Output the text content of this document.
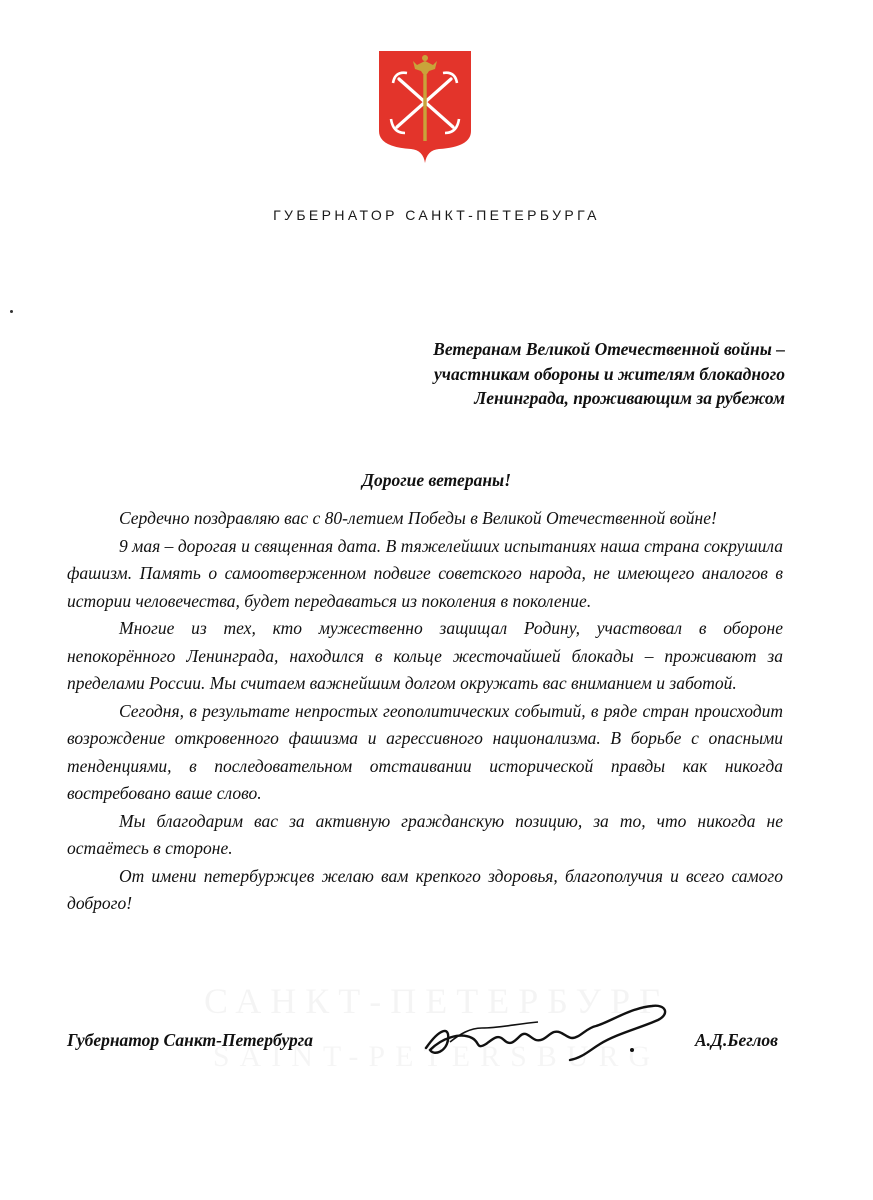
ГУБЕРНАТОР САНКТ-ПЕТЕРБУРГА
Ветеранам Великой Отечественной войны –
участникам обороны и жителям блокадного
Ленинграда, проживающим за рубежом
Дорогие ветераны!

Сердечно поздравляю вас с 80-летием Победы в Великой Отечественной войне!

9 мая – дорогая и священная дата. В тяжелейших испытаниях наша страна сокрушила фашизм. Память о самоотверженном подвиге советского народа, не имеющего аналогов в истории человечества, будет передаваться из поколения в поколение.

Многие из тех, кто мужественно защищал Родину, участвовал в обороне непокорённого Ленинграда, находился в кольце жесточайшей блокады – проживают за пределами России. Мы считаем важнейшим долгом окружать вас вниманием и заботой.

Сегодня, в результате непростых геополитических событий, в ряде стран происходит возрождение откровенного фашизма и агрессивного национализма. В борьбе с опасными тенденциями, в последовательном отстаивании исторической правды как никогда востребовано ваше слово.

Мы благодарим вас за активную гражданскую позицию, за то, что никогда не остаётесь в стороне.

От имени петербуржцев желаю вам крепкого здоровья, благополучия и всего самого доброго!

Губернатор Санкт-Петербурга	А.Д.Беглов
